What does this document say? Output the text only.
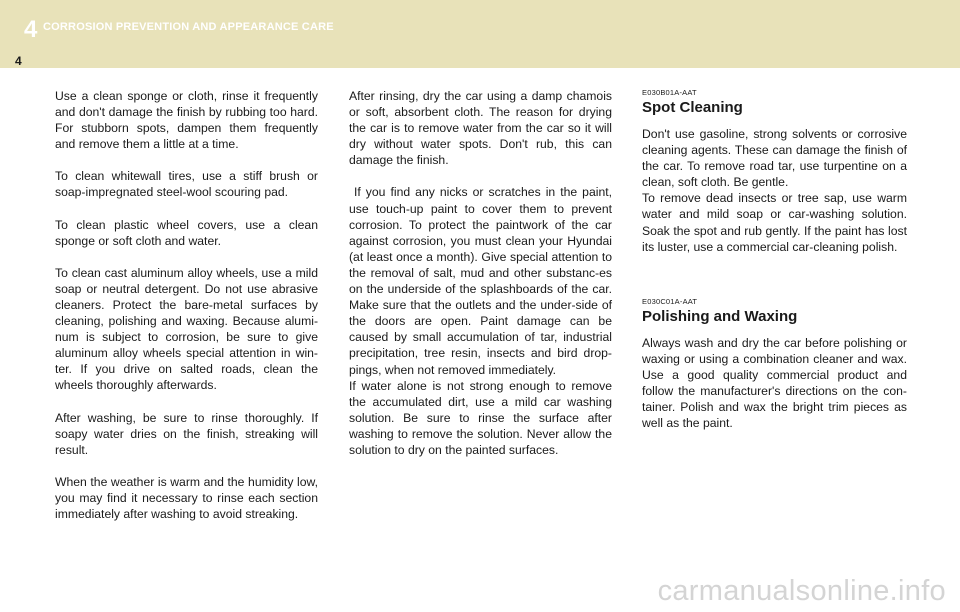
4 CORROSION PREVENTION AND APPEARANCE CARE
4

Use a clean sponge or cloth, rinse it frequently and don't damage the finish by rubbing too hard. For stubborn spots, dampen them frequently and remove them a little at a time.

To clean whitewall tires, use a stiff brush or soap-impregnated steel-wool scouring pad.

To clean plastic wheel covers, use a clean sponge or soft cloth and water.

To clean cast aluminum alloy wheels, use a mild soap or neutral detergent. Do not use abrasive cleaners. Protect the bare-metal surfaces by cleaning, polishing and waxing. Because alumi-num is subject to corrosion, be sure to give aluminum alloy wheels special attention in win-ter. If you drive on salted roads, clean the wheels thoroughly afterwards.

After washing, be sure to rinse thoroughly. If soapy water dries on the finish, streaking will result.

When the weather is warm and the humidity low, you may find it necessary to rinse each section immediately after washing to avoid streaking.

After rinsing, dry the car using a damp chamois or soft, absorbent cloth. The reason for drying the car is to remove water from the car so it will dry without water spots. Don't rub, this can damage the finish.

If you find any nicks or scratches in the paint, use touch-up paint to cover them to prevent corrosion. To protect the paintwork of the car against corrosion, you must clean your Hyundai (at least once a month). Give special attention to the removal of salt, mud and other substanc-es on the underside of the splashboards of the car. Make sure that the outlets and the under-side of the doors are open. Paint damage can be caused by small accumulation of tar, industrial precipitation, tree resin, insects and bird drop-pings, when not removed immediately.

If water alone is not strong enough to remove the accumulated dirt, use a mild car washing solution. Be sure to rinse the surface after washing to remove the solution. Never allow the solution to dry on the painted surfaces.

E030B01A-AAT
Spot Cleaning

Don't use gasoline, strong solvents or corrosive cleaning agents. These can damage the finish of the car. To remove road tar, use turpentine on a clean, soft cloth. Be gentle.

To remove dead insects or tree sap, use warm water and mild soap or car-washing solution. Soak the spot and rub gently. If the paint has lost its luster, use a commercial car-cleaning polish.

E030C01A-AAT
Polishing and Waxing

Always wash and dry the car before polishing or waxing or using a combination cleaner and wax. Use a good quality commercial product and follow the manufacturer's directions on the con-tainer. Polish and wax the bright trim pieces as well as the paint.

carmanualsonline.info
